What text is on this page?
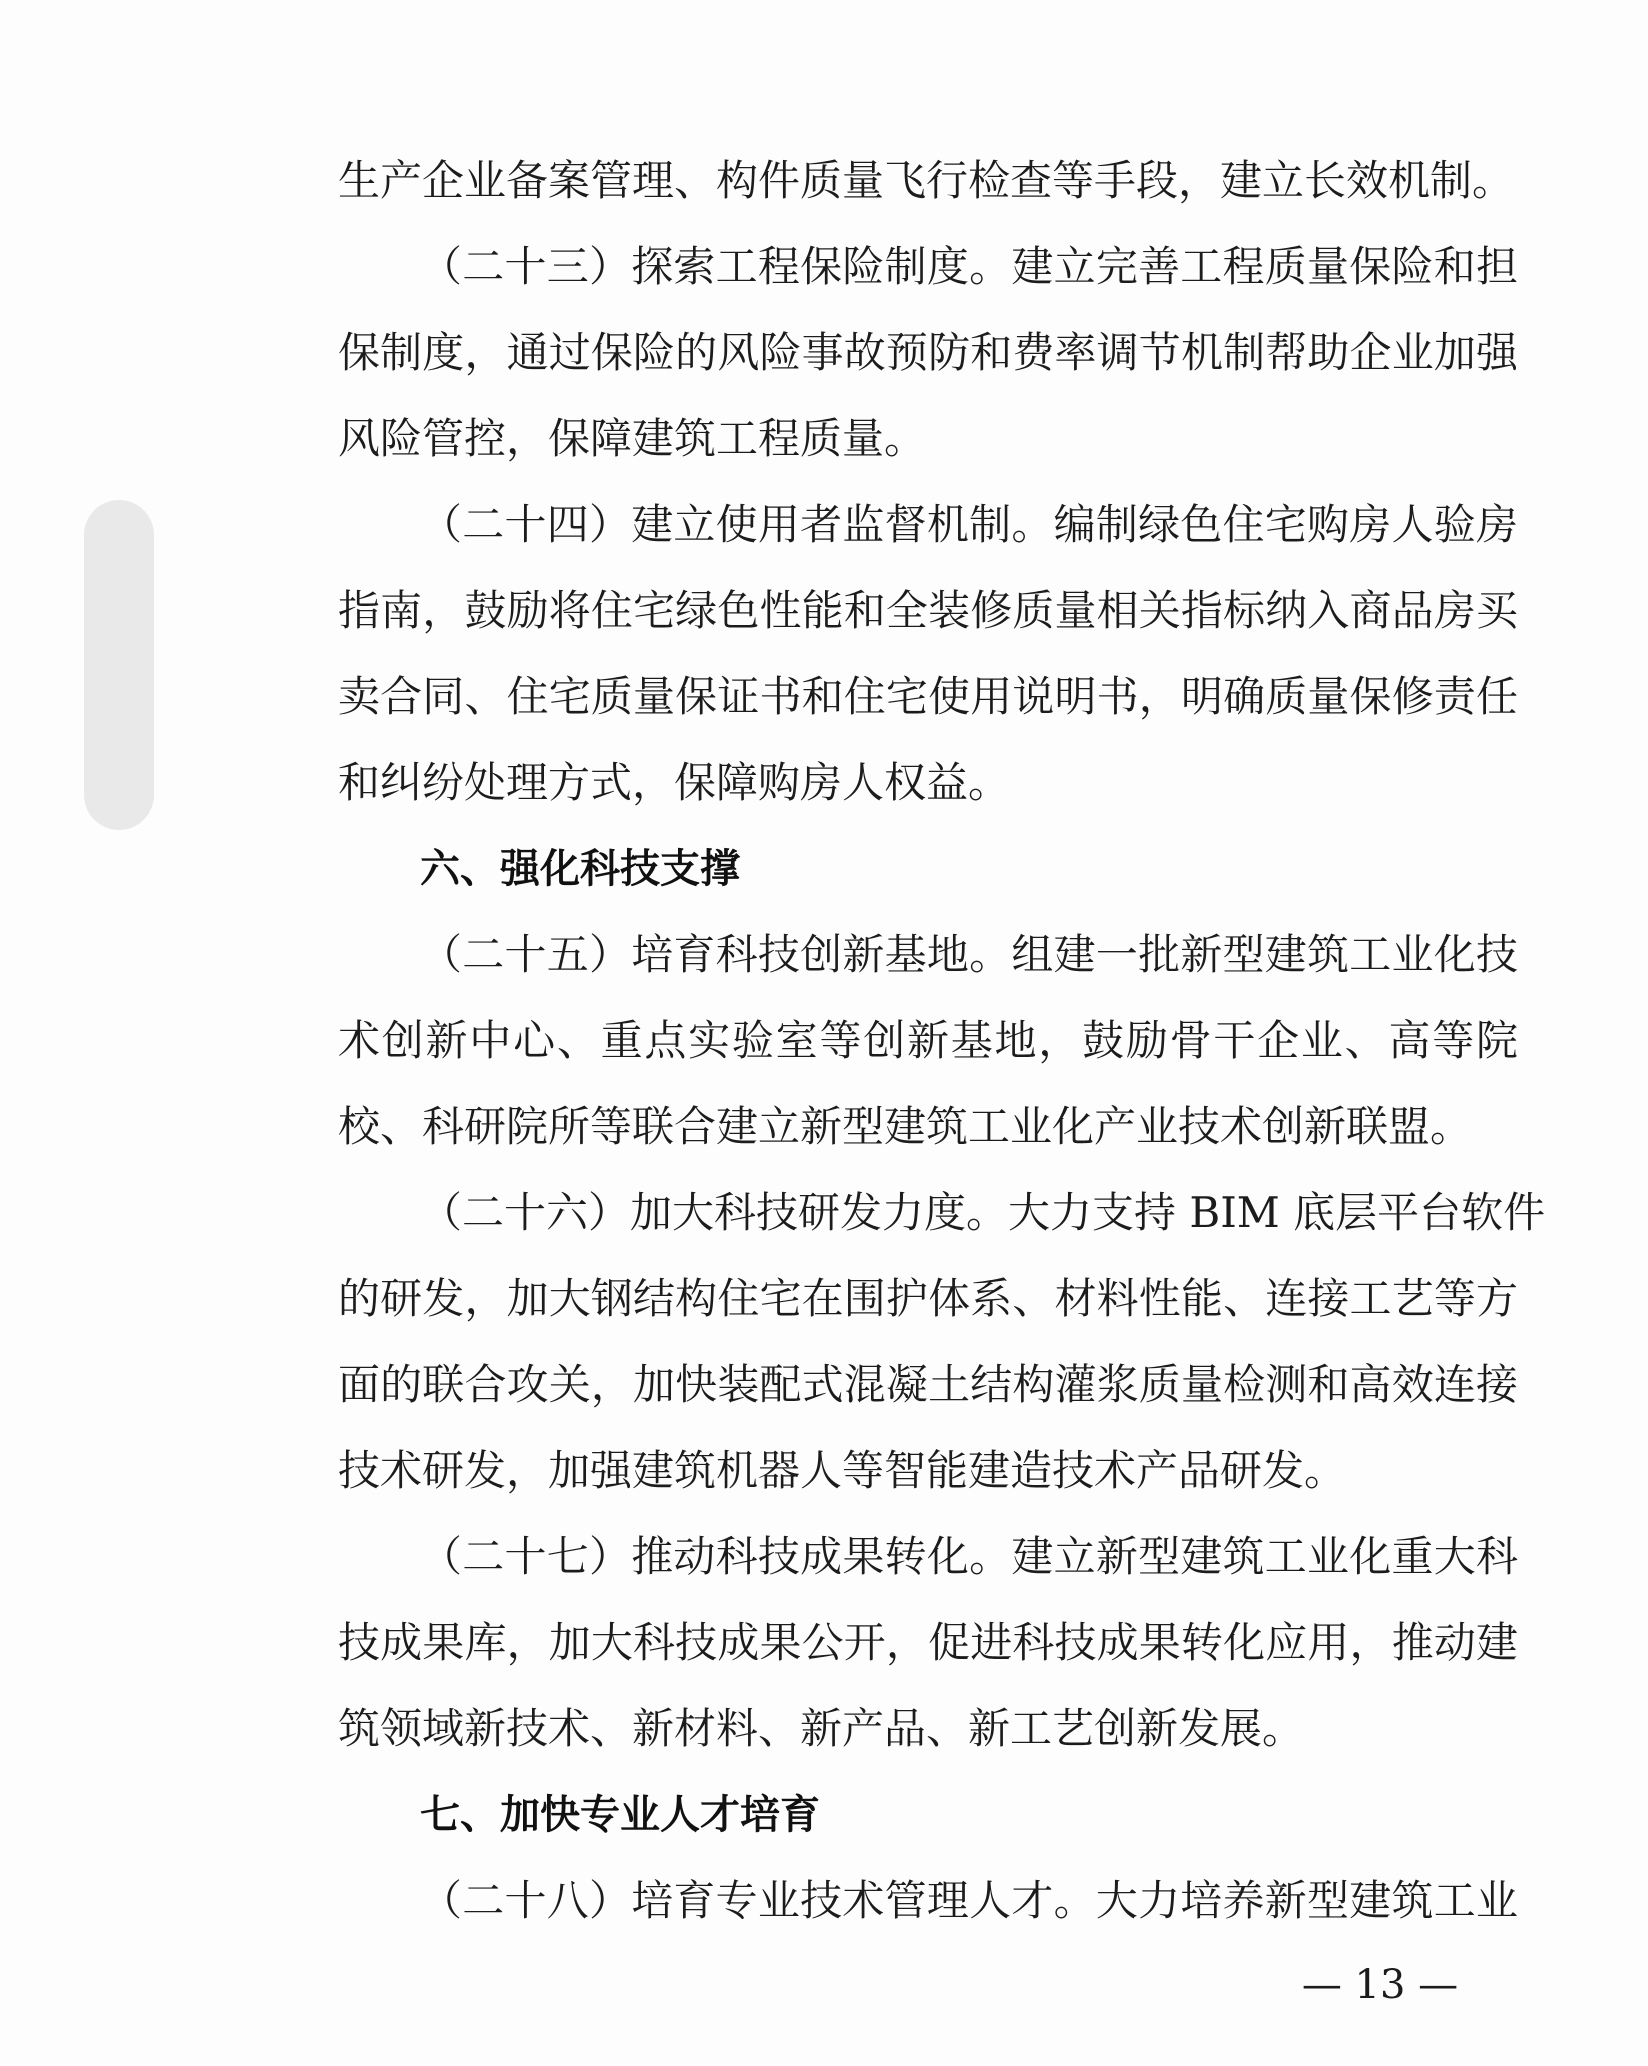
生产企业备案管理、构件质量飞行检查等手段，建立长效机制。
（二十三）探索工程保险制度。建立完善工程质量保险和担
保制度，通过保险的风险事故预防和费率调节机制帮助企业加强
风险管控，保障建筑工程质量。
（二十四）建立使用者监督机制。编制绿色住宅购房人验房
指南，鼓励将住宅绿色性能和全装修质量相关指标纳入商品房买
卖合同、住宅质量保证书和住宅使用说明书，明确质量保修责任
和纠纷处理方式，保障购房人权益。
六、强化科技支撑
（二十五）培育科技创新基地。组建一批新型建筑工业化技
术创新中心、重点实验室等创新基地，鼓励骨干企业、高等院
校、科研院所等联合建立新型建筑工业化产业技术创新联盟。
（二十六）加大科技研发力度。大力支持 BIM 底层平台软件
的研发，加大钢结构住宅在围护体系、材料性能、连接工艺等方
面的联合攻关，加快装配式混凝土结构灌浆质量检测和高效连接
技术研发，加强建筑机器人等智能建造技术产品研发。
（二十七）推动科技成果转化。建立新型建筑工业化重大科
技成果库，加大科技成果公开，促进科技成果转化应用，推动建
筑领域新技术、新材料、新产品、新工艺创新发展。
七、加快专业人才培育
（二十八）培育专业技术管理人才。大力培养新型建筑工业
— 13 —
